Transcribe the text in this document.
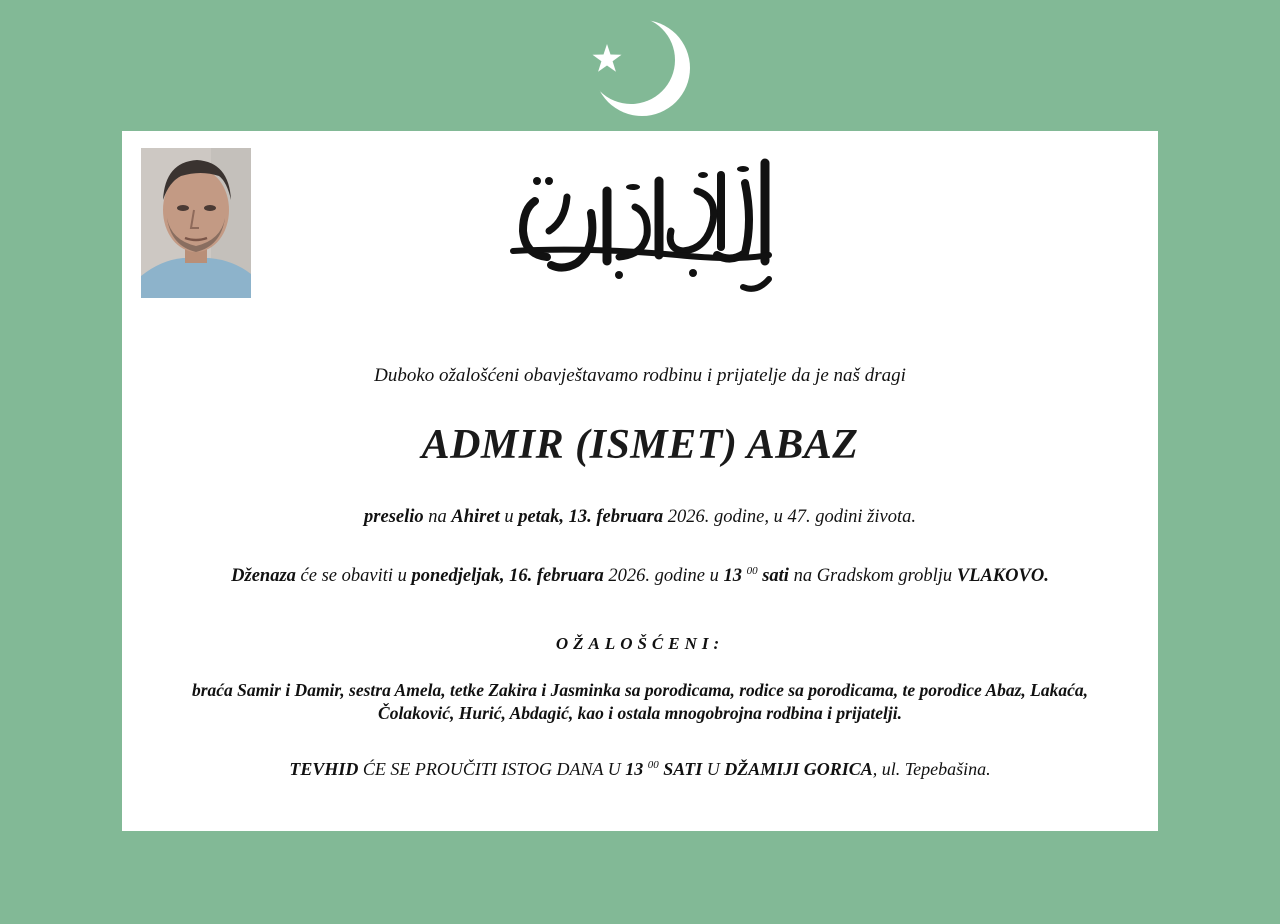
Duboko ožalošćeni obavještavamo rodbinu i prijatelje da je naš dragi
ADMIR (ISMET) ABAZ
preselio na Ahiret u petak, 13. februara 2026. godine, u 47. godini života.
Dženaza će se obaviti u ponedjeljak, 16. februara 2026. godine u 13 $^{00}$ sati na Gradskom groblju VLAKOVO.
OŽALOŠĆENI:
braća Samir i Damir, sestra Amela, tetke Zakira i Jasminka sa porodicama, rodice sa porodicama, te porodice Abaz, Lakaća,
Čolaković, Hurić, Abdagić, kao i ostala mnogobrojna rodbina i prijatelji.
TEVHID ĆE SE PROUČITI ISTOG DANA U 13 $^{00}$ SATI U DŽAMIJI GORICA, ul. Tepebašina.
